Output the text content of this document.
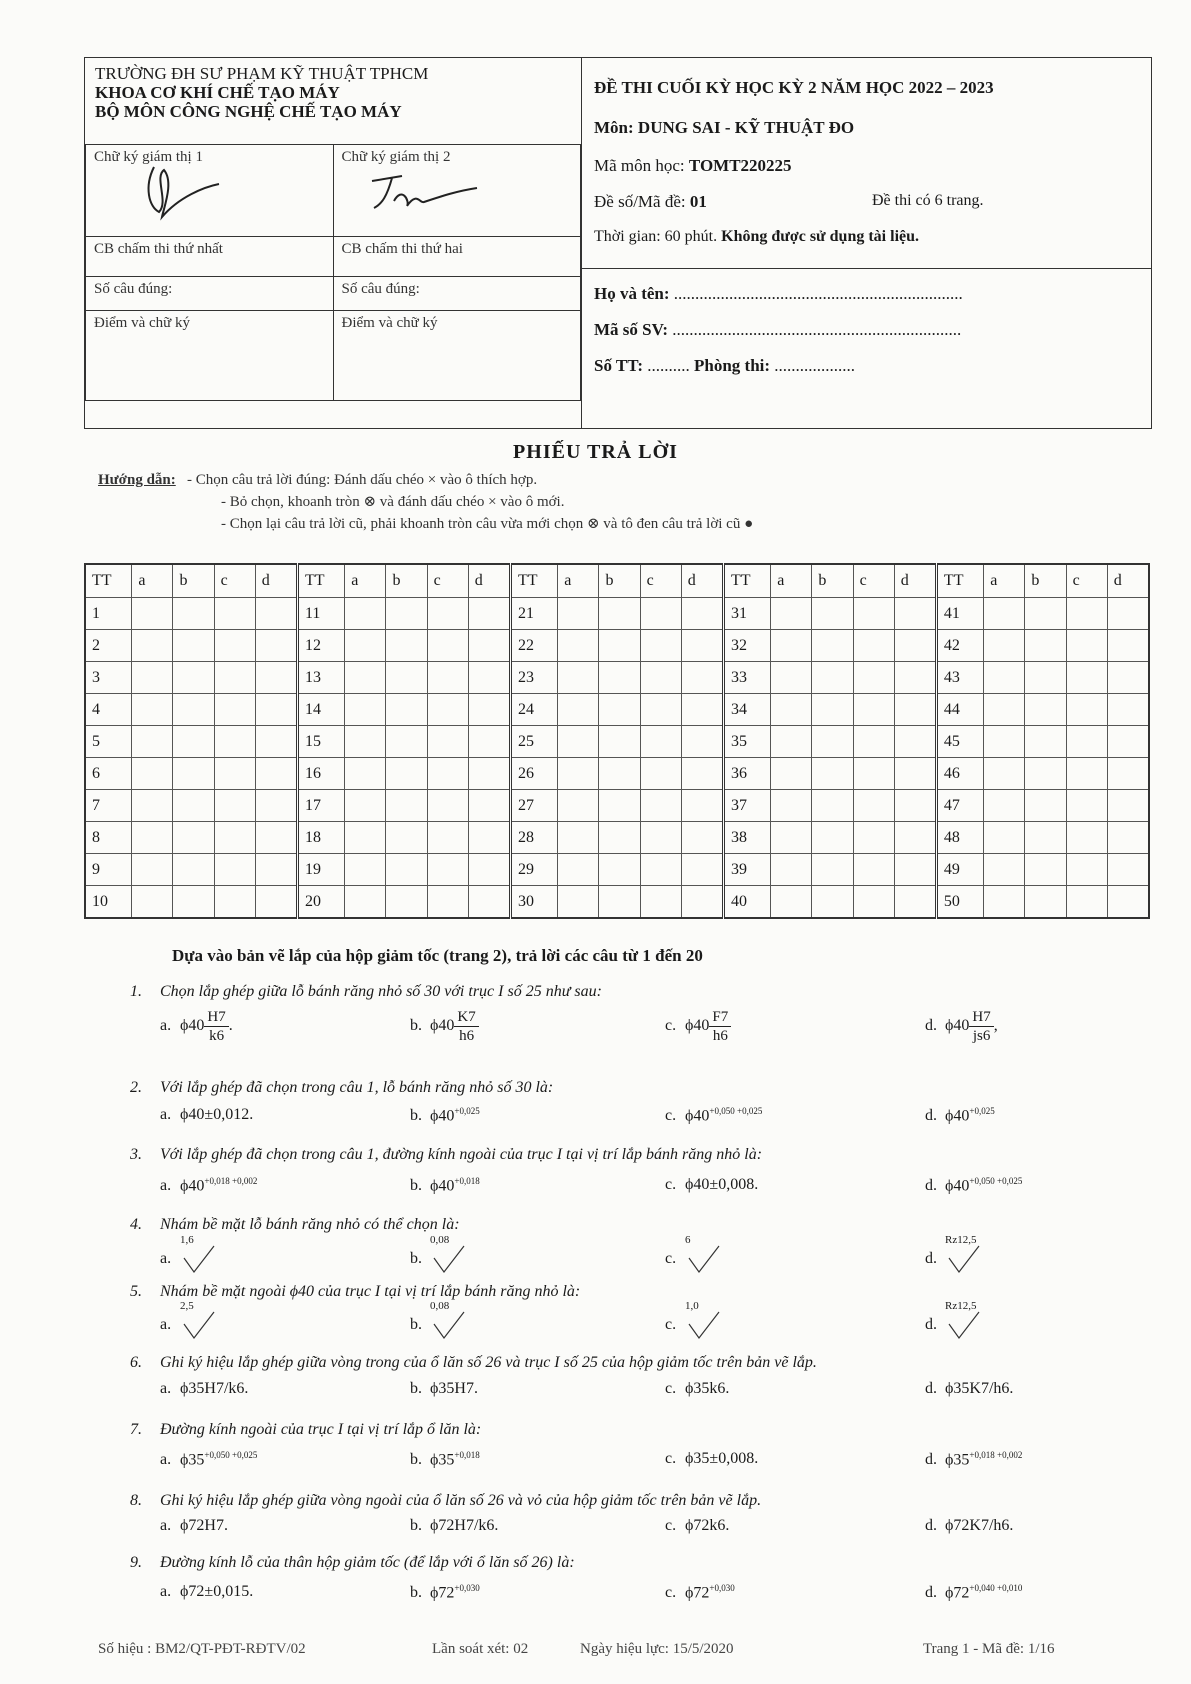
TRƯỜNG ĐH SƯ PHẠM KỸ THUẬT TPHCM
KHOA CƠ KHÍ CHẾ TẠO MÁY
BỘ MÔN CÔNG NGHỆ CHẾ TẠO MÁY
Chữ ký giám thị 1	Chữ ký giám thị 2

CB chấm thi thứ nhất	CB chấm thi thứ hai
Số câu đúng:	Số câu đúng:
Điểm và chữ ký	Điểm và chữ ký
ĐỀ THI CUỐI KỲ HỌC KỲ 2 NĂM HỌC 2022 – 2023
Môn: DUNG SAI - KỸ THUẬT ĐO
Mã môn học: TOMT220225
Đề số/Mã đề: 01	Đề thi có 6 trang.
Thời gian: 60 phút. Không được sử dụng tài liệu.
Họ và tên: ....................................................................
Mã số SV: ....................................................................
Số TT: .......... Phòng thi: ...................
PHIẾU TRẢ LỜI
Hướng dẫn: - Chọn câu trả lời đúng: Đánh dấu chéo × vào ô thích hợp.
- Bỏ chọn, khoanh tròn ⊗ và đánh dấu chéo × vào ô mới.
- Chọn lại câu trả lời cũ, phải khoanh tròn câu vừa mới chọn ⊗ và tô đen câu trả lời cũ ●
TT	a	b	c	d	TT	a	b	c	d	TT	a	b	c	d	TT	a	b	c	d	TT	a	b	c	d
1					11					21					31					41				
2					12					22					32					42				
3					13					23					33					43				
4					14					24					34					44				
5					15					25					35					45				
6					16					26					36					46				
7					17					27					37					47				
8					18					28					38					48				
9					19					29					39					49				
10					20					30					40					50				
Dựa vào bản vẽ lắp của hộp giảm tốc (trang 2), trả lời các câu từ 1 đến 20
1. Chọn lắp ghép giữa lỗ bánh răng nhỏ số 30 với trục I số 25 như sau:
a. $\phi 40 \frac{H7}{k6}$ .	b. $\phi 40 \frac{K7}{h6}$	c. $\phi 40 \frac{F7}{h6}$	d. $\phi 40 \frac{H7}{js6}$ ,
2. Với lắp ghép đã chọn trong câu 1, lỗ bánh răng nhỏ số 30 là:
a. ϕ40±0,012.	b. $\phi 40^{+0,025}$	c. $\phi 40^{+0,050 +0,025}$	d. $\phi 40^{+0,025}$
3. Với lắp ghép đã chọn trong câu 1, đường kính ngoài của trục I tại vị trí lắp bánh răng nhỏ là:
a. $\phi 40^{+0,018 +0,002}$	b. $\phi 40^{+0,018}$	c. ϕ40±0,008.	d. $\phi 40^{+0,050 +0,025}$
4. Nhám bề mặt lỗ bánh răng nhỏ có thể chọn là:
a.
1,6
b.
0,08
c.
6
d.
Rz12,5
5. Nhám bề mặt ngoài ϕ40 của trục I tại vị trí lắp bánh răng nhỏ là:
a.
2,5
b.
0,08
c.
1,0
d.
Rz12,5
6. Ghi ký hiệu lắp ghép giữa vòng trong của ổ lăn số 26 và trục I số 25 của hộp giảm tốc trên bản vẽ lắp.
a. ϕ35H7/k6.	b. ϕ35H7.	c. ϕ35k6.	d. ϕ35K7/h6.
7. Đường kính ngoài của trục I tại vị trí lắp ổ lăn là:
a. $\phi 35^{+0,050 +0,025}$	b. $\phi 35^{+0,018}$	c. ϕ35±0,008.	d. $\phi 35^{+0,018 +0,002}$
8. Ghi ký hiệu lắp ghép giữa vòng ngoài của ổ lăn số 26 và vỏ của hộp giảm tốc trên bản vẽ lắp.
a. ϕ72H7.	b. ϕ72H7/k6.	c. ϕ72k6.	d. ϕ72K7/h6.
9. Đường kính lỗ của thân hộp giảm tốc (để lắp với ổ lăn số 26) là:
a. ϕ72±0,015.	b. $\phi 72^{+0,030}$	c. $\phi 72^{+0,030}$	d. $\phi 72^{+0,040 +0,010}$
Số hiệu : BM2/QT-PĐT-RĐTV/02	Lần soát xét: 02	Ngày hiệu lực: 15/5/2020	Trang 1 - Mã đề: 1/16
